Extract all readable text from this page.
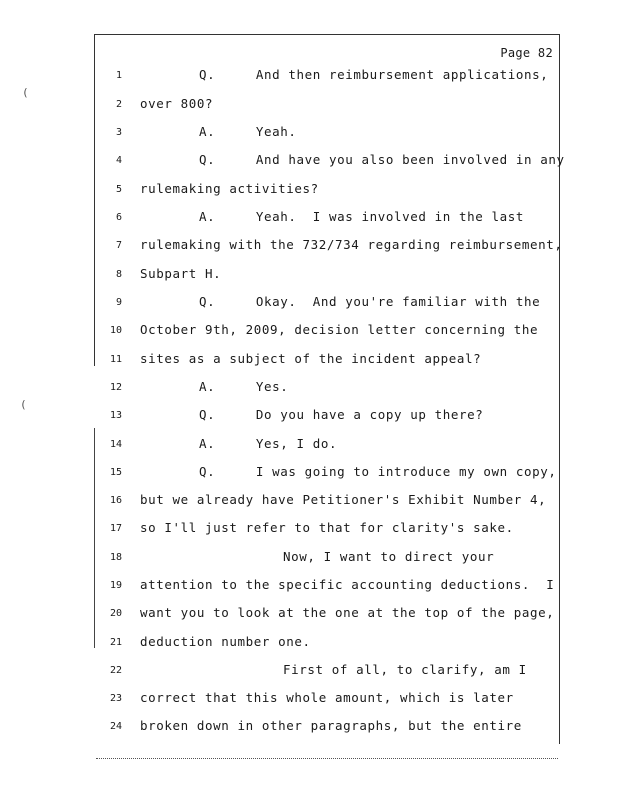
(
(
Page 82
1	Q.     And then reimbursement applications,
2 over 800?
3	A.     Yeah.
4	Q.     And have you also been involved in any
5 rulemaking activities?
6	A.     Yeah.  I was involved in the last
7 rulemaking with the 732/734 regarding reimbursement,
8 Subpart H.
9	Q.     Okay.  And you're familiar with the
10 October 9th, 2009, decision letter concerning the
11 sites as a subject of the incident appeal?
12	A.     Yes.
13	Q.     Do you have a copy up there?
14	A.     Yes, I do.
15	Q.     I was going to introduce my own copy,
16 but we already have Petitioner's Exhibit Number 4,
17 so I'll just refer to that for clarity's sake.
18	Now, I want to direct your
19 attention to the specific accounting deductions.  I
20 want you to look at the one at the top of the page,
21 deduction number one.
22	First of all, to clarify, am I
23 correct that this whole amount, which is later
24 broken down in other paragraphs, but the entire
